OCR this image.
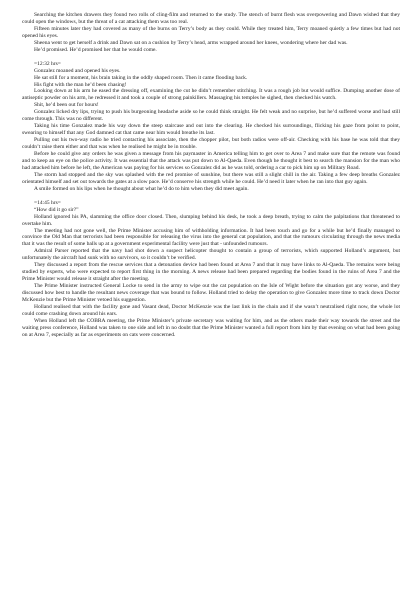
Searching the kitchen drawers they found two rolls of cling-film and returned to the study. The stench of burnt flesh was overpowering and Dawn wished that they could open the windows, but the threat of a cat attacking them was too real.

Fifteen minutes later they had covered as many of the burns on Terry’s body as they could. While they treated him, Terry moaned quietly a few times but had not opened his eyes.

Sheena went to get herself a drink and Dawn sat on a cushion by Terry’s head, arms wrapped around her knees, wondering where her dad was.

He’d promised. He’d promised her that he would come.

=12:32 hrs=

Gonzalez moaned and opened his eyes.

He sat still for a moment, his brain taking in the oddly shaped room. Then it came flooding back.

His fight with the man he’d been chasing!

Looking down at his arm he eased the dressing off, examining the cut he didn’t remember stitching. It was a rough job but would suffice. Dumping another dose of antiseptic powder on his arm, he redressed it and took a couple of strong painkillers. Massaging his temples he sighed, then checked his watch.

Shit, he’d been out for hours!

Gonzalez licked dry lips, trying to push his burgeoning headache aside so he could think straight. He felt weak and no surprise, but he’d suffered worse and had still come through. This was no different.

Taking his time Gonzalez made his way down the steep staircase and out into the clearing. He checked his surroundings, flicking his gaze from point to point, swearing to himself that any God damned cat that came near him would breathe its last.

Pulling out his two-way radio he tried contacting his associate, then the chopper pilot, but both radios were off-air. Checking with his base he was told that they couldn’t raise them either and that was when he realised he might be in trouble.

Before he could give any orders he was given a message from his paymaster in America telling him to get over to Area 7 and make sure that the remote was found and to keep an eye on the police activity. It was essential that the attack was put down to Al-Qaeda. Even though he thought it best to search the mansion for the man who had attacked him before he left, the American was paying for his services so Gonzalez did as he was told, ordering a car to pick him up on Military Road.

The storm had stopped and the sky was splashed with the red promise of sunshine, but there was still a slight chill in the air. Taking a few deep breaths Gonzalez orientated himself and set out towards the gates at a slow pace. He’d conserve his strength while he could. He’d need it later when he ran into that guy again.

A smile formed on his lips when he thought about what he’d do to him when they did meet again.

=14:45 hrs=

“How did it go sir?”

Holland ignored his PA, slamming the office door closed. Then, slumping behind his desk, he took a deep breath, trying to calm the palpitations that threatened to overtake him.

The meeting had not gone well, the Prime Minister accusing him of withholding information. It had been touch and go for a while but he’d finally managed to convince the Old Man that terrorists had been responsible for releasing the virus into the general cat population, and that the rumours circulating through the news media that it was the result of some balls up at a government experimental facility were just that - unfounded rumours.

Admiral Parser reported that the navy had shot down a suspect helicopter thought to contain a group of terrorists, which supported Holland’s argument, but unfortunately the aircraft had sunk with no survivors, so it couldn’t be verified.

They discussed a report from the rescue services that a detonation device had been found at Area 7 and that it may have links to Al-Qaeda. The remains were being studied by experts, who were expected to report first thing in the morning. A news release had been prepared regarding the bodies found in the ruins of Area 7 and the Prime Minister would release it straight after the meeting.

The Prime Minister instructed General Locke to send in the army to wipe out the cat population on the Isle of Wight before the situation got any worse, and they discussed how best to handle the resultant news coverage that was bound to follow. Holland tried to delay the operation to give Gonzalez more time to track down Doctor McKenzie but the Prime Minister vetoed his suggestion.

Holland realised that with the facility gone and Vasant dead, Doctor McKenzie was the last link in the chain and if she wasn’t neutralised right now, the whole lot could come crashing down around his ears.

When Holland left the COBRA meeting, the Prime Minister’s private secretary was waiting for him, and as the others made their way towards the street and the waiting press conference, Holland was taken to one side and left in no doubt that the Prime Minister wanted a full report from him by that evening on what had been going on at Area 7, especially as far as experiments on cats were concerned.
